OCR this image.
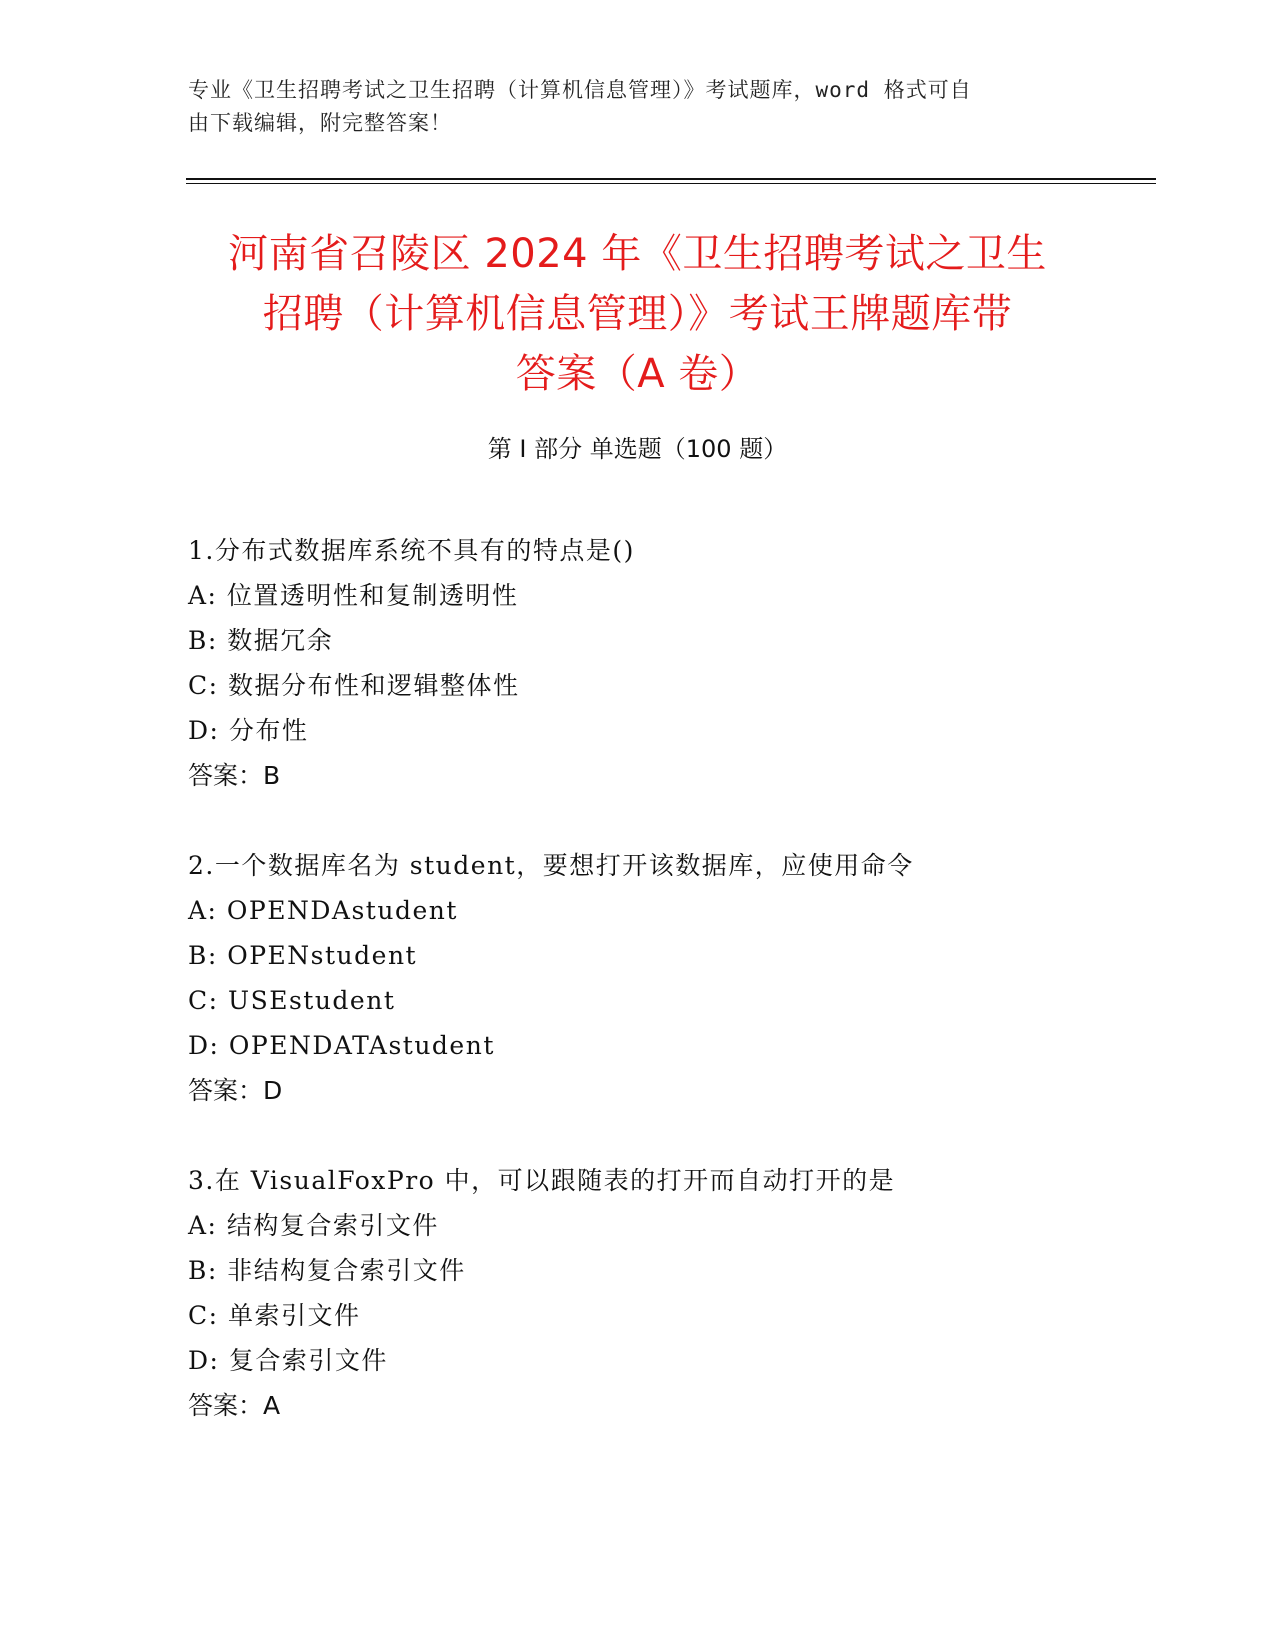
专业《卫生招聘考试之卫生招聘（计算机信息管理）》考试题库，word 格式可自
由下载编辑，附完整答案！
河南省召陵区 2024 年《卫生招聘考试之卫生
招聘（计算机信息管理）》考试王牌题库带
答案（A 卷）
第 I 部分 单选题（100 题）
1.分布式数据库系统不具有的特点是()
A: 位置透明性和复制透明性
B: 数据冗余
C: 数据分布性和逻辑整体性
D: 分布性
答案：B
2.一个数据库名为 student，要想打开该数据库，应使用命令
A: OPENDAstudent
B: OPENstudent
C: USEstudent
D: OPENDATAstudent
答案：D
3.在 VisualFoxPro 中，可以跟随表的打开而自动打开的是
A: 结构复合索引文件
B: 非结构复合索引文件
C: 单索引文件
D: 复合索引文件
答案：A
